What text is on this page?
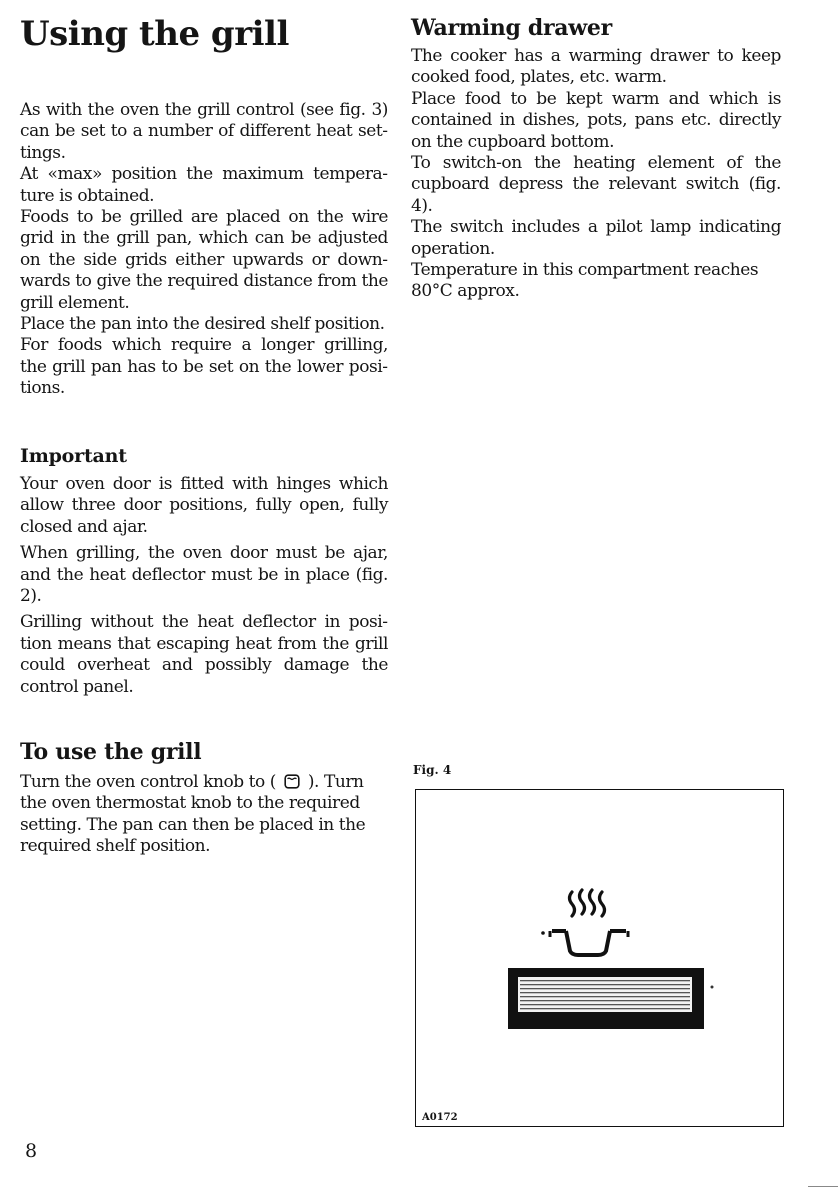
Using the grill

As with the oven the grill control (see fig. 3) can be set to a number of different heat settings.

At «max» position the maximum temperature is obtained.

Foods to be grilled are placed on the wire grid in the grill pan, which can be adjusted on the side grids either upwards or downwards to give the required distance from the grill element.

Place the pan into the desired shelf position.

For foods which require a longer grilling, the grill pan has to be set on the lower positions.

Important

Your oven door is fitted with hinges which allow three door positions, fully open, fully closed and ajar.

When grilling, the oven door must be ajar, and the heat deflector must be in place (fig. 2).

Grilling without the heat deflector in position means that escaping heat from the grill could overheat and possibly damage the control panel.

To use the grill

Turn the oven control knob to ( ). Turn the oven thermostat knob to the required setting. The pan can then be placed in the required shelf position.

Warming drawer

The cooker has a warming drawer to keep cooked food, plates, etc. warm.

Place food to be kept warm and which is contained in dishes, pots, pans etc. directly on the cupboard bottom.

To switch-on the heating element of the cupboard depress the relevant switch (fig. 4).

The switch includes a pilot lamp indicating operation.

Temperature in this compartment reaches 80°C approx.

Fig. 4
A0172
8
